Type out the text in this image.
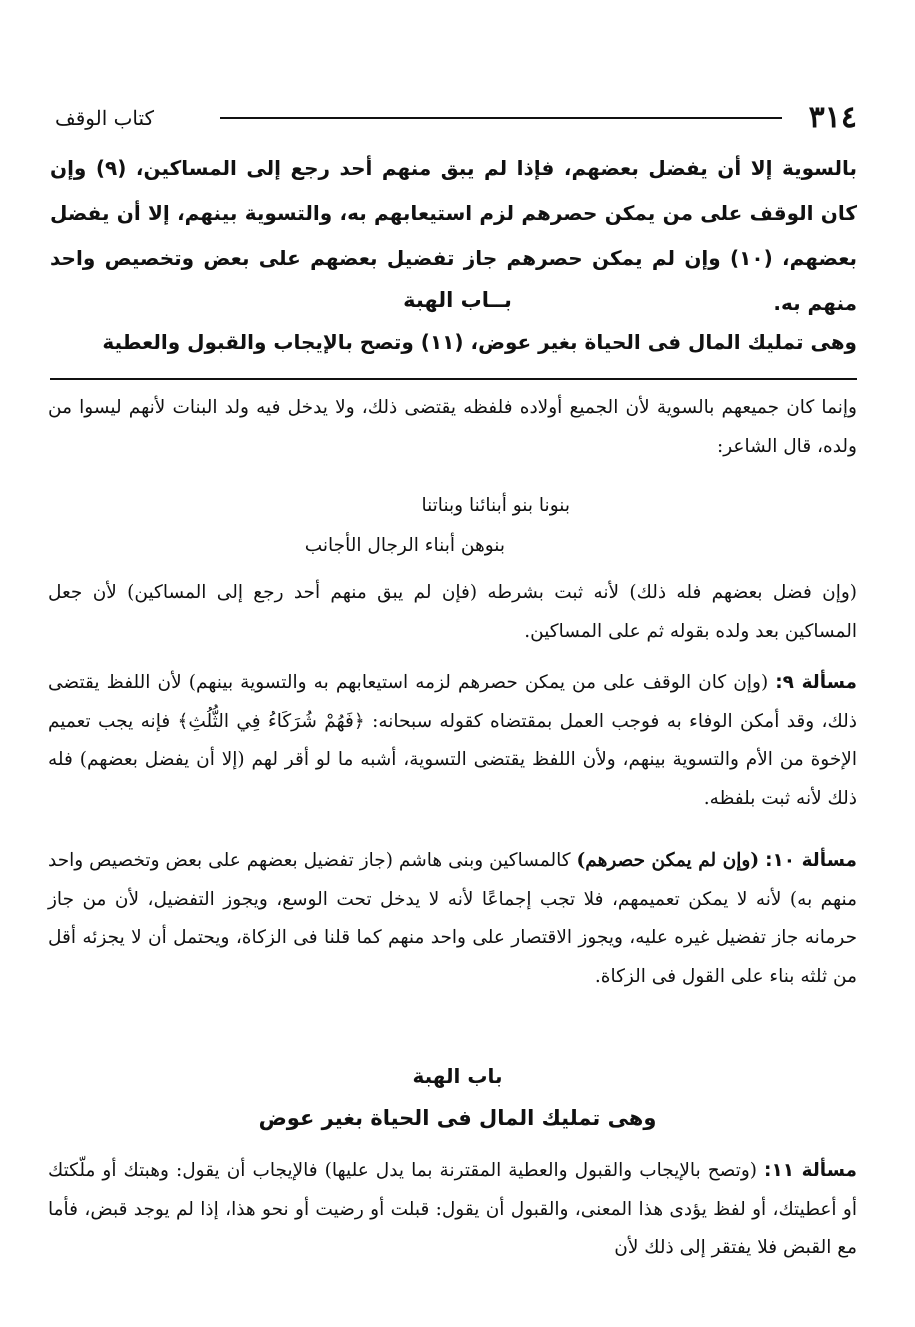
٣١٤
كتاب الوقف

بالسوية إلا أن يفضل بعضهم، فإذا لم يبق منهم أحد رجع إلى المساكين، (٩) وإن كان الوقف على من يمكن حصرهم لزم استيعابهم به، والتسوية بينهم، إلا أن يفضل بعضهم، (١٠) وإن لم يمكن حصرهم جاز تفضيل بعضهم على بعض وتخصيص واحد منهم به.

بــاب الهبة

وهى تمليك المال فى الحياة بغير عوض، (١١) وتصح بالإيجاب والقبول والعطية

وإنما كان جميعهم بالسوية لأن الجميع أولاده فلفظه يقتضى ذلك، ولا يدخل فيه ولد البنات لأنهم ليسوا من ولده، قال الشاعر:

بنونا بنو أبنائنا وبناتنا
بنوهن أبناء الرجال الأجانب

(وإن فضل بعضهم فله ذلك) لأنه ثبت بشرطه (فإن لم يبق منهم أحد رجع إلى المساكين) لأن جعل المساكين بعد ولده بقوله ثم على المساكين.

مسألة ٩: (وإن كان الوقف على من يمكن حصرهم لزمه استيعابهم به والتسوية بينهم) لأن اللفظ يقتضى ذلك، وقد أمكن الوفاء به فوجب العمل بمقتضاه كقوله سبحانه: ﴿فَهُمْ شُرَكَاءُ فِي الثُّلُثِ﴾ فإنه يجب تعميم الإخوة من الأم والتسوية بينهم، ولأن اللفظ يقتضى التسوية، أشبه ما لو أقر لهم (إلا أن يفضل بعضهم) فله ذلك لأنه ثبت بلفظه.

مسألة ١٠: (وإن لم يمكن حصرهم) كالمساكين وبنى هاشم (جاز تفضيل بعضهم على بعض وتخصيص واحد منهم به) لأنه لا يمكن تعميمهم، فلا تجب إجماعًا لأنه لا يدخل تحت الوسع، ويجوز التفضيل، لأن من جاز حرمانه جاز تفضيل غيره عليه، ويجوز الاقتصار على واحد منهم كما قلنا فى الزكاة، ويحتمل أن لا يجزئه أقل من ثلثه بناء على القول فى الزكاة.

باب الهبة
وهى تمليك المال فى الحياة بغير عوض

مسألة ١١: (وتصح بالإيجاب والقبول والعطية المقترنة بما يدل عليها) فالإيجاب أن يقول: وهبتك أو ملّكتك أو أعطيتك، أو لفظ يؤدى هذا المعنى، والقبول أن يقول: قبلت أو رضيت أو نحو هذا، إذا لم يوجد قبض، فأما مع القبض فلا يفتقر إلى ذلك لأن
